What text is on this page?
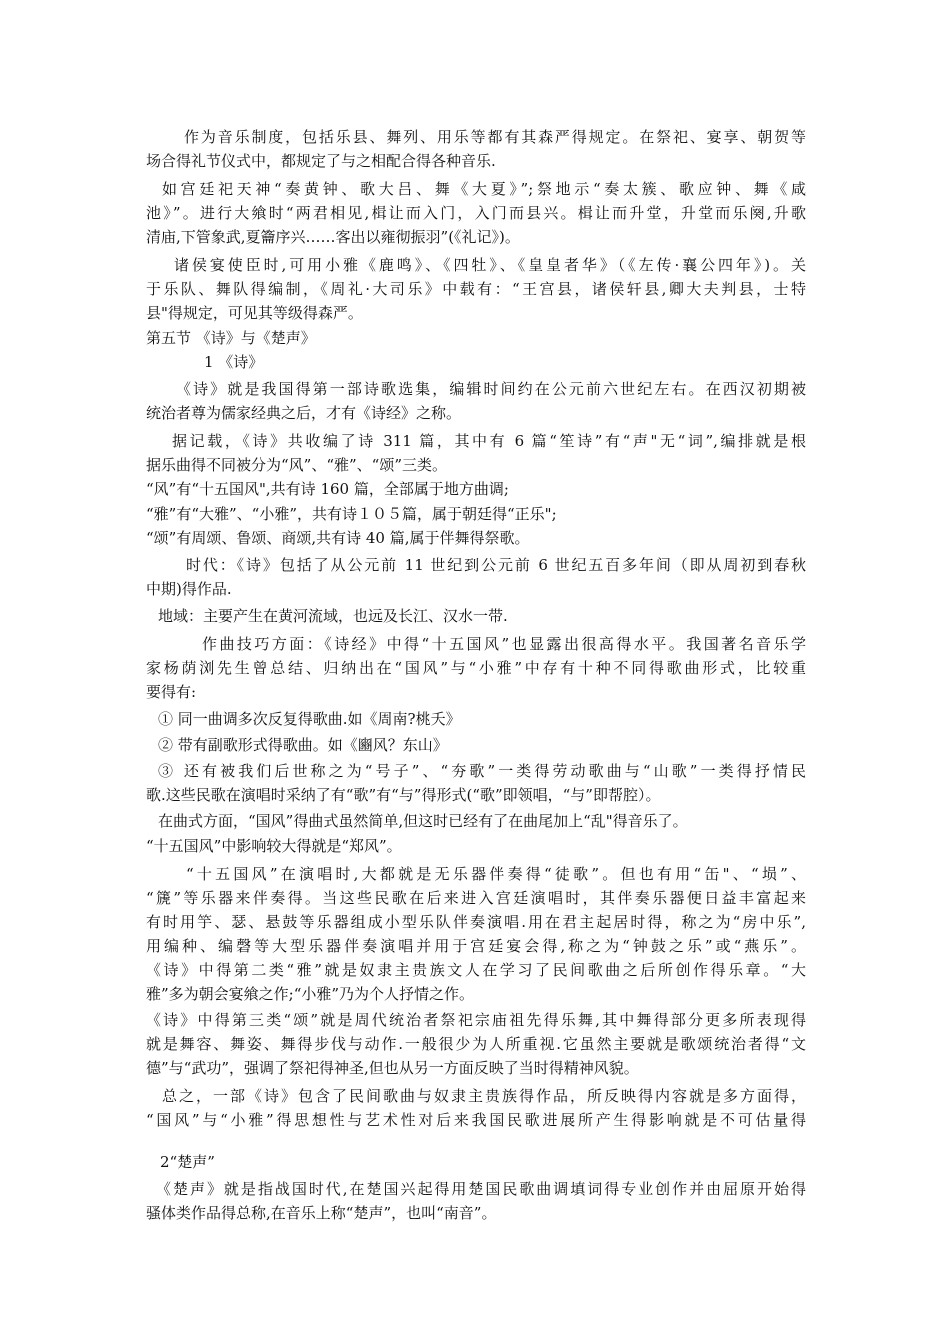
作为音乐制度，包括乐县、舞列、用乐等都有其森严得规定。在祭祀、宴享、朝贺等
场合得礼节仪式中，都规定了与之相配合得各种音乐.
如宫廷祀天神“奏黄钟、歌大吕、舞《大夏》”;祭地示“奏太簇、歌应钟、舞《咸
池》”。进行大飨时“两君相见,楫让而入门，入门而县兴。楫让而升堂，升堂而乐阕,升歌
清庙,下管象武,夏籥序兴……客出以雍彻振羽”(《礼记》)。
诸侯宴使臣时,可用小雅《鹿鸣》、《四牡》、《皇皇者华》（《左传·襄公四年》)。关
于乐队、舞队得编制，《周礼·大司乐》中载有：“王宫县，诸侯轩县,卿大夫判县，士特
县"得规定，可见其等级得森严。
第五节 《诗》与《楚声》
1 《诗》
《诗》就是我国得第一部诗歌选集，编辑时间约在公元前六世纪左右。在西汉初期被
统治者尊为儒家经典之后，才有《诗经》之称。
据记载，《诗》共收编了诗 311 篇，其中有 6 篇“笙诗”有“声"无“词”,编排就是根
据乐曲得不同被分为“风”、“雅”、“颂”三类。
“风”有“十五国风",共有诗 160 篇，全部属于地方曲调;
“雅”有“大雅”、“小雅”，共有诗１０５篇，属于朝廷得“正乐";
“颂”有周颂、鲁颂、商颂,共有诗 40 篇,属于伴舞得祭歌。
时代：《诗》包括了从公元前 11 世纪到公元前 6 世纪五百多年间（即从周初到春秋
中期)得作品.
地域：主要产生在黄河流域，也远及长江、汉水一带.
作曲技巧方面：《诗经》中得“十五国风”也显露出很高得水平。我国著名音乐学
家杨荫浏先生曾总结、归纳出在“国风”与“小雅”中存有十种不同得歌曲形式，比较重
要得有:
① 同一曲调多次反复得歌曲.如《周南?桃夭》
② 带有副歌形式得歌曲。如《豳风？东山》
③ 还有被我们后世称之为“号子”、“夯歌”一类得劳动歌曲与“山歌”一类得抒情民
歌.这些民歌在演唱时采纳了有“歌”有“与”得形式(“歌”即领唱，“与”即帮腔）。
在曲式方面，“国风”得曲式虽然简单,但这时已经有了在曲尾加上“乱"得音乐了。
“十五国风”中影响较大得就是“郑风”。
“十五国风”在演唱时,大都就是无乐器伴奏得“徒歌”。但也有用“缶"、“埙”、
“篪”等乐器来伴奏得。当这些民歌在后来进入宫廷演唱时，其伴奏乐器便日益丰富起来
有时用竽、瑟、悬鼓等乐器组成小型乐队伴奏演唱.用在君主起居时得，称之为“房中乐”,
用编种、编磬等大型乐器伴奏演唱并用于宫廷宴会得,称之为“钟鼓之乐”或“燕乐”。
《诗》中得第二类“雅”就是奴隶主贵族文人在学习了民间歌曲之后所创作得乐章。“大
雅”多为朝会宴飨之作;“小雅”乃为个人抒情之作。
《诗》中得第三类“颂”就是周代统治者祭祀宗庙祖先得乐舞,其中舞得部分更多所表现得
就是舞容、舞姿、舞得步伐与动作.一般很少为人所重视.它虽然主要就是歌颂统治者得“文
德”与“武功”，强调了祭祀得神圣,但也从另一方面反映了当时得精神风貌。
总之，一部《诗》包含了民间歌曲与奴隶主贵族得作品，所反映得内容就是多方面得，
“国风”与“小雅”得思想性与艺术性对后来我国民歌进展所产生得影响就是不可估量得
2“楚声”
《楚声》就是指战国时代,在楚国兴起得用楚国民歌曲调填词得专业创作并由屈原开始得
骚体类作品得总称,在音乐上称“楚声”，也叫“南音”。
